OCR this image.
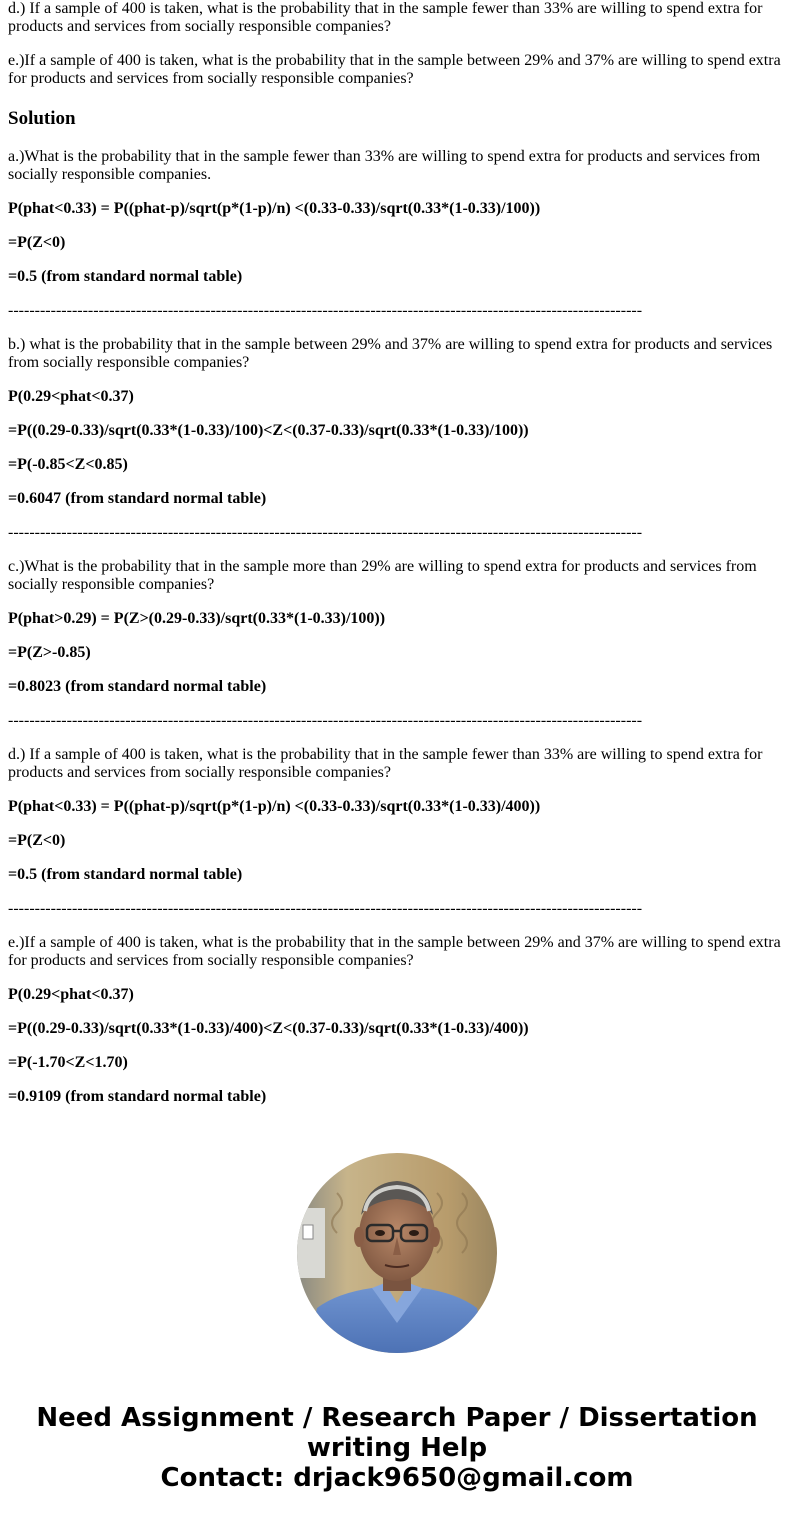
d.) If a sample of 400 is taken, what is the probability that in the sample fewer than 33% are willing to spend extra for products and services from socially responsible companies?

e.)If a sample of 400 is taken, what is the probability that in the sample between 29% and 37% are willing to spend extra for products and services from socially responsible companies?

Solution

a.)What is the probability that in the sample fewer than 33% are willing to spend extra for products and services from socially responsible companies.

P(phat<0.33) = P((phat-p)/sqrt(p*(1-p)/n) <(0.33-0.33)/sqrt(0.33*(1-0.33)/100))

=P(Z<0)

=0.5 (from standard normal table)

-----------------------------------------------------------------------------------------------------------------------

b.) what is the probability that in the sample between 29% and 37% are willing to spend extra for products and services from socially responsible companies?

P(0.29<phat<0.37)

=P((0.29-0.33)/sqrt(0.33*(1-0.33)/100)<Z<(0.37-0.33)/sqrt(0.33*(1-0.33)/100))

=P(-0.85<Z<0.85)

=0.6047 (from standard normal table)

-----------------------------------------------------------------------------------------------------------------------

c.)What is the probability that in the sample more than 29% are willing to spend extra for products and services from socially responsible companies?

P(phat>0.29) = P(Z>(0.29-0.33)/sqrt(0.33*(1-0.33)/100))

=P(Z>-0.85)

=0.8023 (from standard normal table)

-----------------------------------------------------------------------------------------------------------------------

d.) If a sample of 400 is taken, what is the probability that in the sample fewer than 33% are willing to spend extra for products and services from socially responsible companies?

P(phat<0.33) = P((phat-p)/sqrt(p*(1-p)/n) <(0.33-0.33)/sqrt(0.33*(1-0.33)/400))

=P(Z<0)

=0.5 (from standard normal table)

-----------------------------------------------------------------------------------------------------------------------

e.)If a sample of 400 is taken, what is the probability that in the sample between 29% and 37% are willing to spend extra for products and services from socially responsible companies?

P(0.29<phat<0.37)

=P((0.29-0.33)/sqrt(0.33*(1-0.33)/400)<Z<(0.37-0.33)/sqrt(0.33*(1-0.33)/400))

=P(-1.70<Z<1.70)

=0.9109 (from standard normal table)

Need Assignment / Research Paper / Dissertation
writing Help
Contact: drjack9650@gmail.com
